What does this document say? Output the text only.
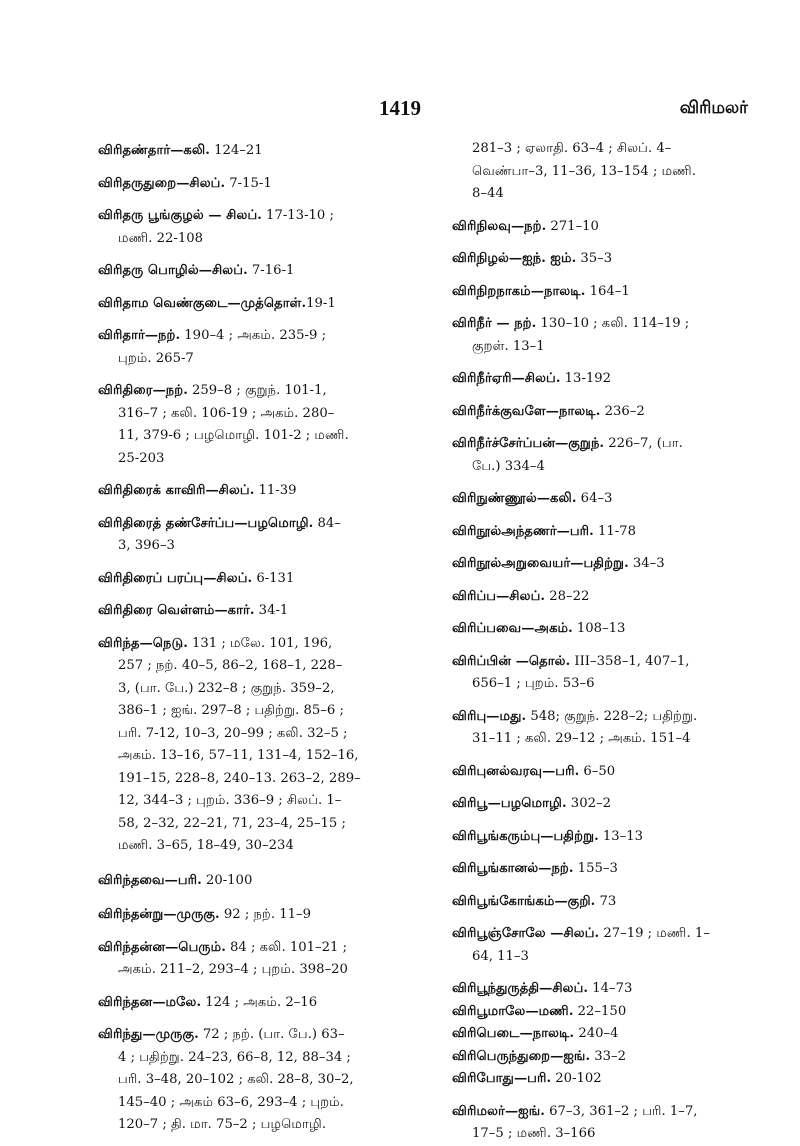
1419	விரிமலர்
விரிதண்தார்—கலி. 124–21
விரிதருதுறை—சிலப். 7-15-1
விரிதரு பூங்குழல் — சிலப். 17-13-10 ;
மணி. 22-108
விரிதரு பொழில்—சிலப். 7-16-1
விரிதாம வெண்குடை—முத்தொள்.19-1
விரிதார்—நற். 190–4 ; அகம். 235-9 ;
புறம். 265-7
விரிதிரை—நற். 259–8 ; குறுந். 101-1,
316–7 ; கலி. 106-19 ; அகம். 280–
11, 379-6 ; பழமொழி. 101-2 ; மணி.
25-203
விரிதிரைக் காவிரி—சிலப். 11-39
விரிதிரைத் தண்சேர்ப்ப—பழமொழி. 84–
3, 396–3
விரிதிரைப் பரப்பு—சிலப். 6-131
விரிதிரை வெள்ளம்—கார். 34-1
விரிந்த—நெடு. 131 ; மலே. 101, 196,
257 ; நற். 40–5, 86–2, 168–1, 228–
3, (பா. பே.) 232–8 ; குறுந். 359–2,
386–1 ; ஐங். 297–8 ; பதிற்று. 85–6 ;
பரி. 7-12, 10–3, 20–99 ; கலி. 32–5 ;
அகம். 13–16, 57–11, 131–4, 152–16,
191–15, 228–8, 240–13. 263–2, 289–
12, 344–3 ; புறம். 336–9 ; சிலப். 1–
58, 2–32, 22–21, 71, 23–4, 25–15 ;
மணி. 3–65, 18–49, 30–234
விரிந்தவை—பரி. 20-100
விரிந்தன்று—முருகு. 92 ; நற். 11–9
விரிந்தன்ன—பெரும். 84 ; கலி. 101–21 ;
அகம். 211–2, 293–4 ; புறம். 398–20
விரிந்தன—மலே. 124 ; அகம். 2–16
விரிந்து—முருகு. 72 ; நற். (பா. பே.) 63–
4 ; பதிற்று. 24–23, 66–8, 12, 88–34 ;
பரி. 3–48, 20–102 ; கலி. 28–8, 30–2,
145–40 ; அகம் 63–6, 293–4 ; புறம்.
120–7 ; தி. மா. 75–2 ; பழமொழி.
281–3 ; ஏலாதி. 63–4 ; சிலப். 4–
வெண்பா–3, 11–36, 13–154 ; மணி.
8–44
விரிநிலவு—நற். 271–10
விரிநிழல்—ஐந். ஐம். 35–3
விரிநிறநாகம்—நாலடி. 164–1
விரிநீர் — நற். 130–10 ; கலி. 114–19 ;
குறள். 13–1
விரிநீர்ஏரி—சிலப். 13-192
விரிநீர்க்குவளே—நாலடி. 236–2
விரிநீர்ச்சேர்ப்பன்—குறுந். 226–7, (பா.
பே.) 334–4
விரிநுண்ணூல்—கலி. 64–3
விரிநூல்அந்தணர்—பரி. 11-78
விரிநூல்அறுவையர்—பதிற்று. 34–3
விரிப்ப—சிலப். 28–22
விரிப்பவை—அகம். 108–13
விரிப்பின் —தொல். III–358–1, 407–1,
656–1 ; புறம். 53–6
விரிபு—மது. 548; குறுந். 228–2; பதிற்று.
31–11 ; கலி. 29–12 ; அகம். 151–4
விரிபுனல்வரவு—பரி. 6–50
விரிபூ—பழமொழி. 302–2
விரிபூங்கரும்பு—பதிற்று. 13–13
விரிபூங்கானல்—நற். 155–3
விரிபூங்கோங்கம்—குறி. 73
விரிபூஞ்சோலே —சிலப். 27–19 ; மணி. 1–
64, 11–3
விரிபூந்துருத்தி—சிலப். 14–73
விரிபூமாலே—மணி. 22–150
விரிபெடை—நாலடி. 240–4
விரிபெருந்துறை—ஐங். 33–2
விரிபோது—பரி. 20-102
விரிமலர்—ஐங். 67–3, 361–2 ; பரி. 1–7,
17–5 ; மணி. 3–166
